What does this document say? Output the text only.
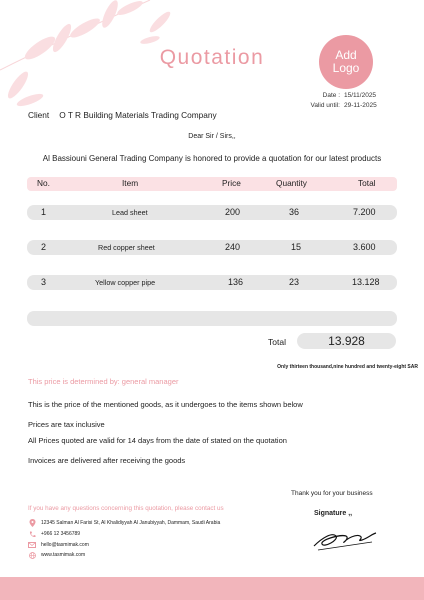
Quotation	Add
Logo
Date : 15/11/2025
Valid until: 29-11-2025
Client O T R Building Materials Trading Company
Dear Sir / Sirs,,
Al Bassiouni General Trading Company is honored to provide a quotation for our latest products
No.	Item	Price	Quantity	Total
1	Lead sheet	200	36	7.200
2	Red copper sheet	240	15	3.600
3	Yellow copper pipe	136	23	13.128
Total	13.928
Only thirteen thousand,nine hundred and twenty-eight SAR
This price is determined by: general manager
This is the price of the mentioned goods, as it undergoes to the items shown below
Prices are tax inclusive
All Prices quoted are valid for 14 days from the date of stated on the quotation
Invoices are delivered after receiving the goods
Thank you for your business
Signature ,,
If you have any questions concerning this quotation, please contact us
12345 Salman Al Farisi St, Al Khalidiyyah Al Janubiyyah, Dammam, Saudi Arabia
+966 12 3456789
hello@tasmimak.com
www.tasmimak.com
